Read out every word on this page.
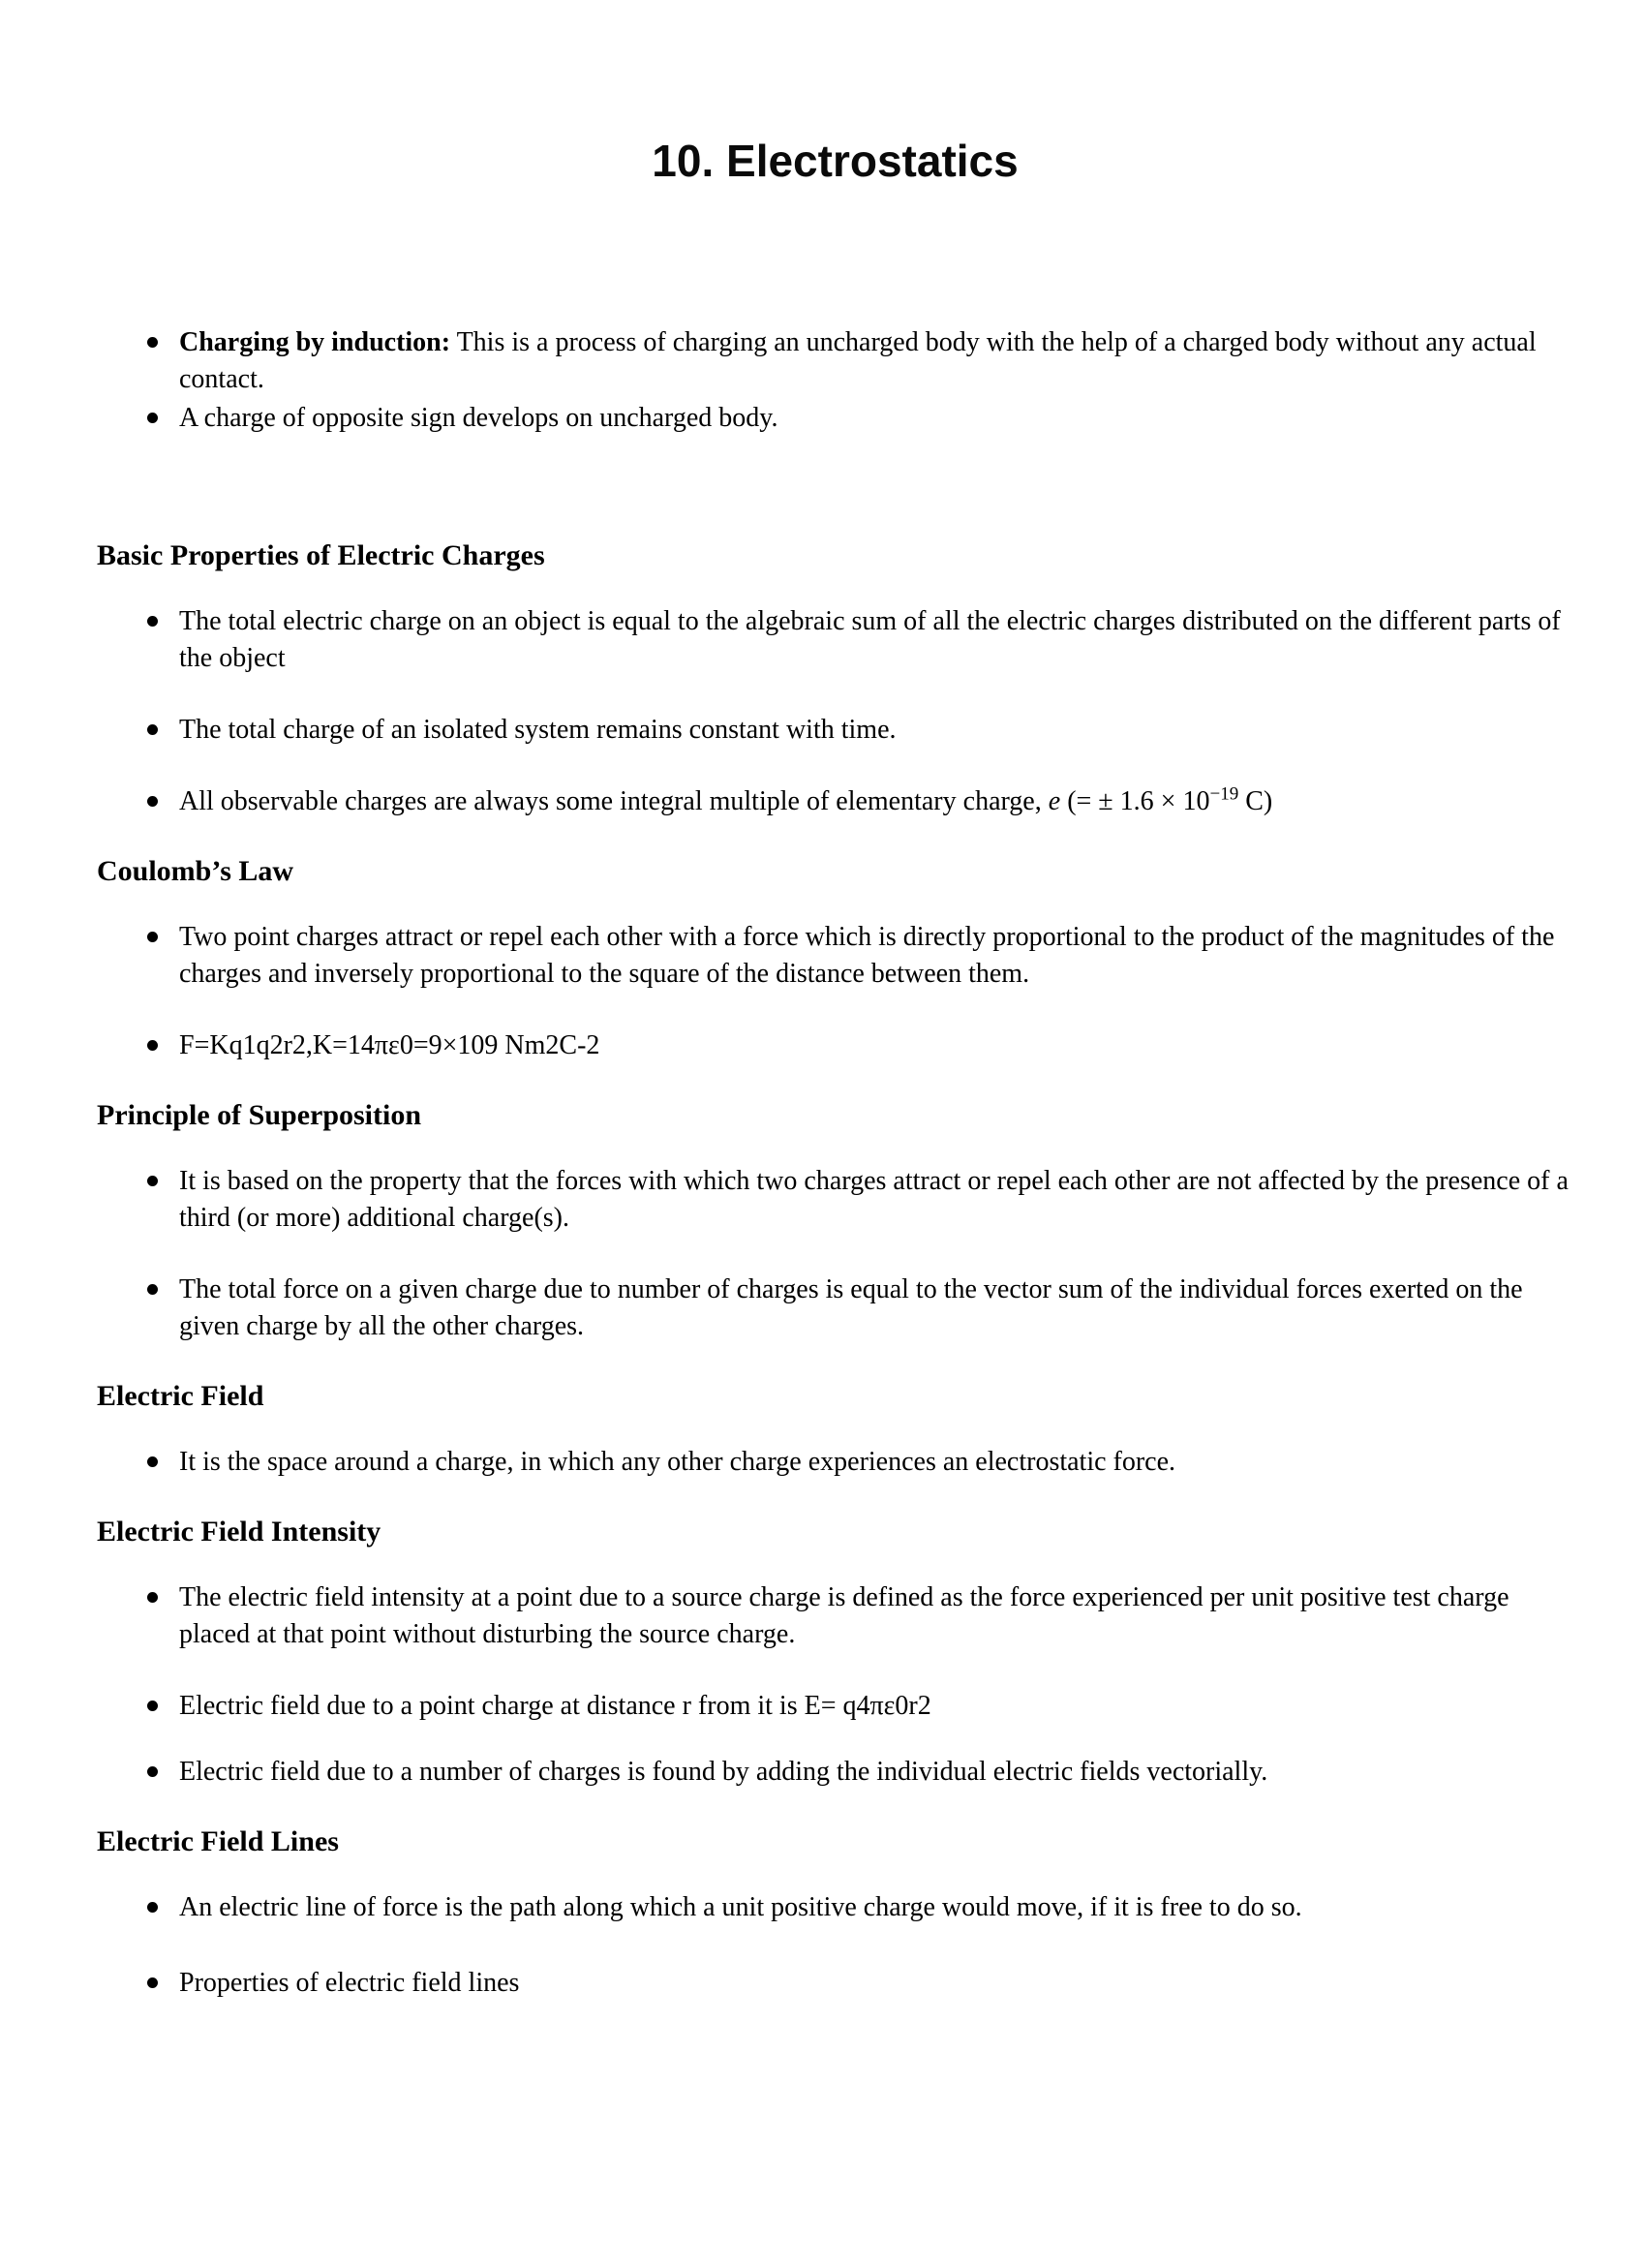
10. Electrostatics
Charging by induction: This is a process of charging an uncharged body with the help of a charged body without any actual contact.
A charge of opposite sign develops on uncharged body.
Basic Properties of Electric Charges
The total electric charge on an object is equal to the algebraic sum of all the electric charges distributed on the different parts of the object
The total charge of an isolated system remains constant with time.
All observable charges are always some integral multiple of elementary charge, e (= ± $1.6 \times 10^{-19}$ C)
Coulomb’s Law
Two point charges attract or repel each other with a force which is directly proportional to the product of the magnitudes of the charges and inversely proportional to the square of the distance between them.
F=Kq1q2r2,K=14πε0=9×109 Nm2C-2
Principle of Superposition
It is based on the property that the forces with which two charges attract or repel each other are not affected by the presence of a third (or more) additional charge(s).
The total force on a given charge due to number of charges is equal to the vector sum of the individual forces exerted on the given charge by all the other charges.
Electric Field
It is the space around a charge, in which any other charge experiences an electrostatic force.
Electric Field Intensity
The electric field intensity at a point due to a source charge is defined as the force experienced per unit positive test charge placed at that point without disturbing the source charge.
Electric field due to a point charge at distance r from it is E= q4πε0r2
Electric field due to a number of charges is found by adding the individual electric fields vectorially.
Electric Field Lines
An electric line of force is the path along which a unit positive charge would move, if it is free to do so.
Properties of electric field lines
